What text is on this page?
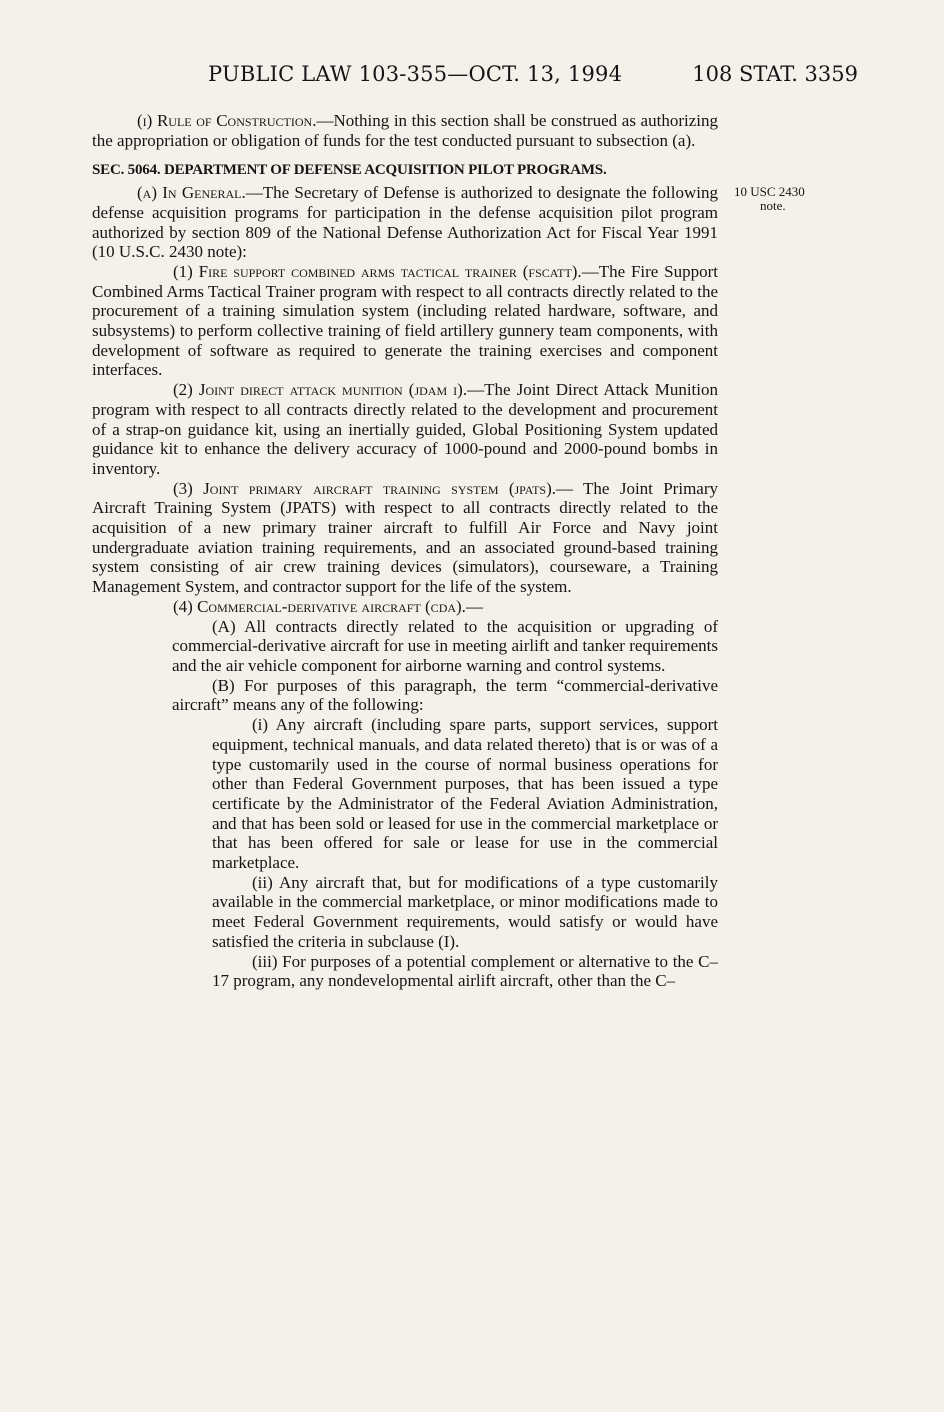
PUBLIC LAW 103-355—OCT. 13, 1994	108 STAT. 3359
10 USC 2430
note.

(i) Rule of Construction.—Nothing in this section shall be construed as authorizing the appropriation or obligation of funds for the test conducted pursuant to subsection (a).

SEC. 5064. DEPARTMENT OF DEFENSE ACQUISITION PILOT PROGRAMS.

(a) In General.—The Secretary of Defense is authorized to designate the following defense acquisition programs for participation in the defense acquisition pilot program authorized by section 809 of the National Defense Authorization Act for Fiscal Year 1991 (10 U.S.C. 2430 note):

(1) Fire support combined arms tactical trainer (fscatt).—The Fire Support Combined Arms Tactical Trainer program with respect to all contracts directly related to the procurement of a training simulation system (including related hardware, software, and subsystems) to perform collective training of field artillery gunnery team components, with development of software as required to generate the training exercises and component interfaces.

(2) Joint direct attack munition (jdam i).—The Joint Direct Attack Munition program with respect to all contracts directly related to the development and procurement of a strap-on guidance kit, using an inertially guided, Global Positioning System updated guidance kit to enhance the delivery accuracy of 1000-pound and 2000-pound bombs in inventory.

(3) Joint primary aircraft training system (jpats).— The Joint Primary Aircraft Training System (JPATS) with respect to all contracts directly related to the acquisition of a new primary trainer aircraft to fulfill Air Force and Navy joint undergraduate aviation training requirements, and an associated ground-based training system consisting of air crew training devices (simulators), courseware, a Training Management System, and contractor support for the life of the system.

(4) Commercial-derivative aircraft (cda).—

(A) All contracts directly related to the acquisition or upgrading of commercial-derivative aircraft for use in meeting airlift and tanker requirements and the air vehicle component for airborne warning and control systems.

(B) For purposes of this paragraph, the term “commercial-derivative aircraft” means any of the following:

(i) Any aircraft (including spare parts, support services, support equipment, technical manuals, and data related thereto) that is or was of a type customarily used in the course of normal business operations for other than Federal Government purposes, that has been issued a type certificate by the Administrator of the Federal Aviation Administration, and that has been sold or leased for use in the commercial marketplace or that has been offered for sale or lease for use in the commercial marketplace.

(ii) Any aircraft that, but for modifications of a type customarily available in the commercial marketplace, or minor modifications made to meet Federal Government requirements, would satisfy or would have satisfied the criteria in subclause (I).

(iii) For purposes of a potential complement or alternative to the C–17 program, any nondevelopmental airlift aircraft, other than the C–
